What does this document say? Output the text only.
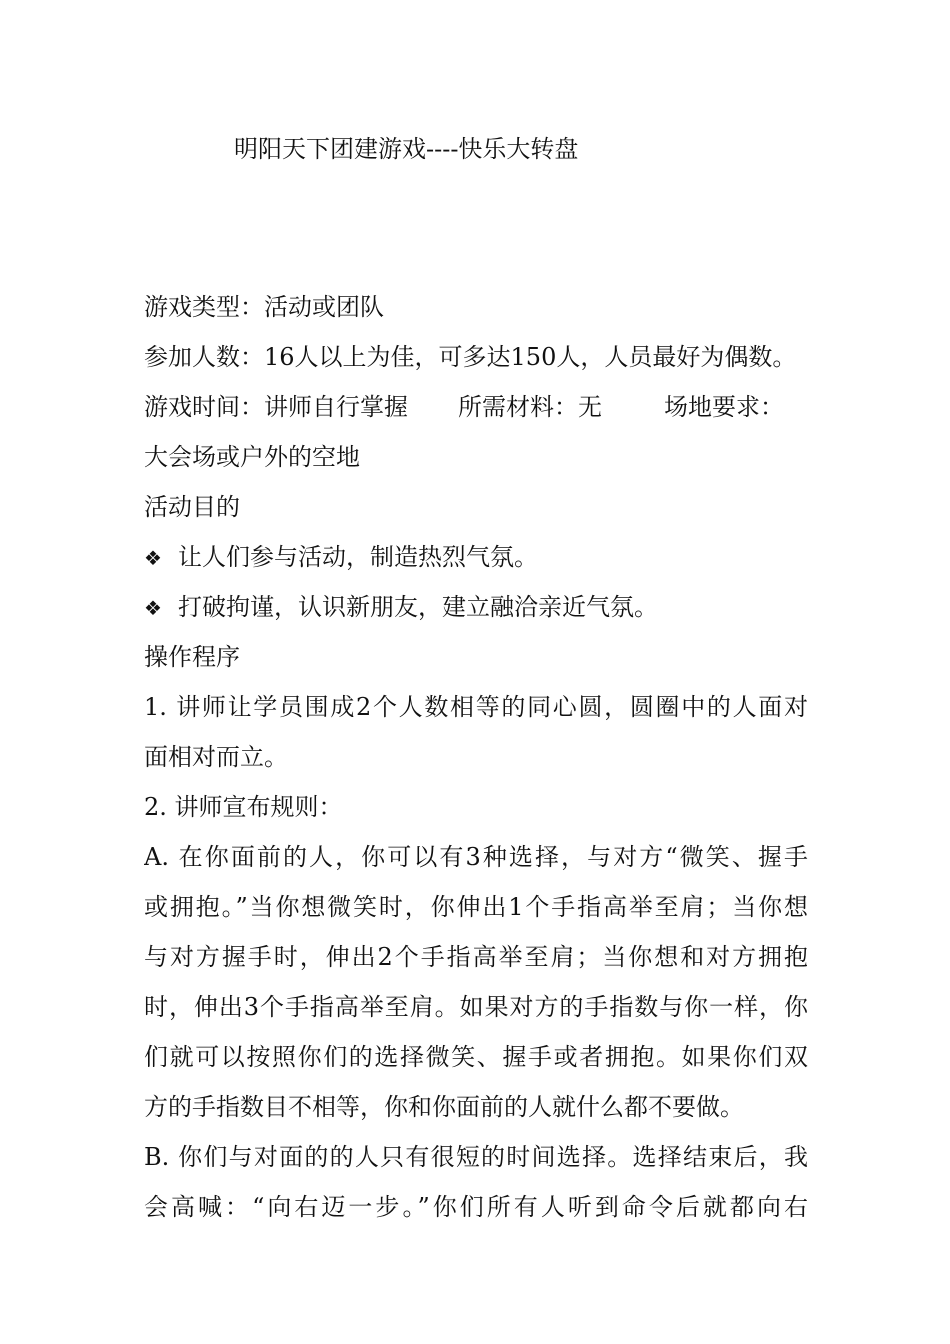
明阳天下团建游戏----快乐大转盘
游戏类型：活动或团队
参加人数：16人以上为佳，可多达150人，人员最好为偶数。
游戏时间：讲师自行掌握 所需材料：无	场地要求：
大会场或户外的空地
活动目的
❖ 让人们参与活动，制造热烈气氛。
❖ 打破拘谨，认识新朋友，建立融洽亲近气氛。
操作程序
1. 讲师让学员围成2个人数相等的同心圆，圆圈中的人面对
面相对而立。
2. 讲师宣布规则：
A. 在你面前的人，你可以有3种选择，与对方“微笑、握手
或拥抱。”当你想微笑时，你伸出1个手指高举至肩；当你想
与对方握手时，伸出2个手指高举至肩；当你想和对方拥抱
时，伸出3个手指高举至肩。如果对方的手指数与你一样，你
们就可以按照你们的选择微笑、握手或者拥抱。如果你们双
方的手指数目不相等，你和你面前的人就什么都不要做。
B. 你们与对面的的人只有很短的时间选择。选择结束后，我
会高喊：“向右迈一步。”你们所有人听到命令后就都向右
